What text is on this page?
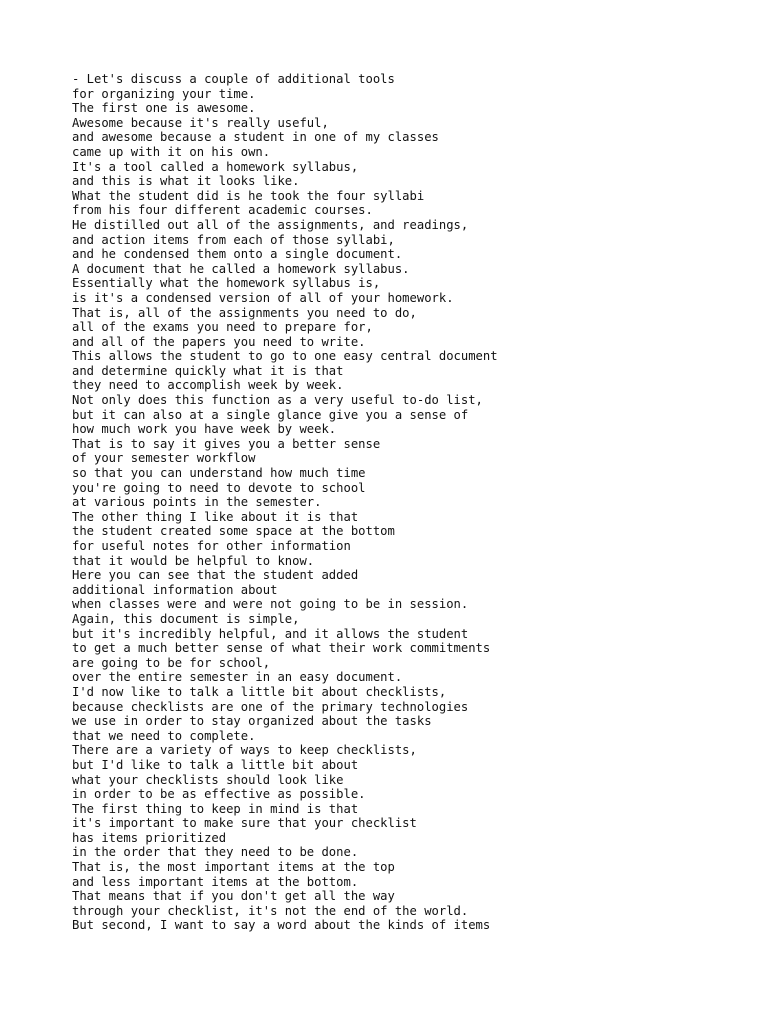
- Let's discuss a couple of additional tools
for organizing your time.
The first one is awesome.
Awesome because it's really useful,
and awesome because a student in one of my classes
came up with it on his own.
It's a tool called a homework syllabus,
and this is what it looks like.
What the student did is he took the four syllabi
from his four different academic courses.
He distilled out all of the assignments, and readings,
and action items from each of those syllabi,
and he condensed them onto a single document.
A document that he called a homework syllabus.
Essentially what the homework syllabus is,
is it's a condensed version of all of your homework.
That is, all of the assignments you need to do,
all of the exams you need to prepare for,
and all of the papers you need to write.
This allows the student to go to one easy central document
and determine quickly what it is that
they need to accomplish week by week.
Not only does this function as a very useful to-do list,
but it can also at a single glance give you a sense of
how much work you have week by week.
That is to say it gives you a better sense
of your semester workflow
so that you can understand how much time
you're going to need to devote to school
at various points in the semester.
The other thing I like about it is that
the student created some space at the bottom
for useful notes for other information
that it would be helpful to know.
Here you can see that the student added
additional information about
when classes were and were not going to be in session.
Again, this document is simple,
but it's incredibly helpful, and it allows the student
to get a much better sense of what their work commitments
are going to be for school,
over the entire semester in an easy document.
I'd now like to talk a little bit about checklists,
because checklists are one of the primary technologies
we use in order to stay organized about the tasks
that we need to complete.
There are a variety of ways to keep checklists,
but I'd like to talk a little bit about
what your checklists should look like
in order to be as effective as possible.
The first thing to keep in mind is that
it's important to make sure that your checklist
has items prioritized
in the order that they need to be done.
That is, the most important items at the top
and less important items at the bottom.
That means that if you don't get all the way
through your checklist, it's not the end of the world.
But second, I want to say a word about the kinds of items
